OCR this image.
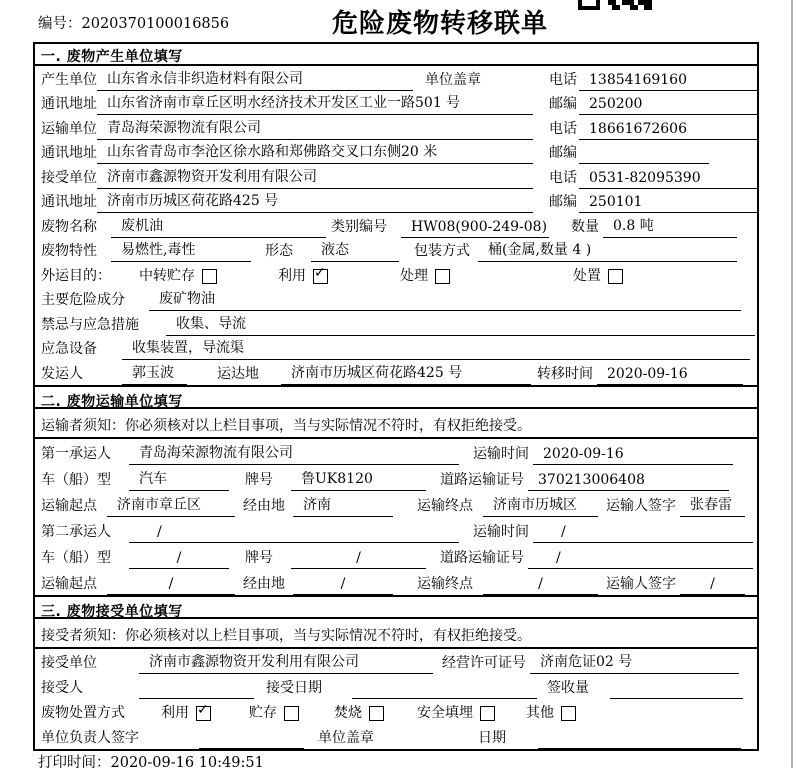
编号：2020370100016856	危险废物转移联单
一. 废物产生单位填写
产生单位 山东省永信非织造材料有限公司	单位盖章	电话 13854169160
通讯地址 山东省济南市章丘区明水经济技术开发区工业一路501 号	邮编 250200
运输单位 青岛海荣源物流有限公司	电话 18661672606
通讯地址 山东省青岛市李沧区徐水路和郑佛路交叉口东侧20 米	邮编
接受单位 济南市鑫源物资开发利用有限公司	电话 0531-82095390
通讯地址 济南市历城区荷花路425 号	邮编 250101
废物名称	废机油	类别编号	HW08(900-249-08) 数量	0.8 吨
废物特性	易燃性,毒性	形态	液态	包装方式	桶(金属,数量 4 )
外运目的：	中转贮存	利用 ✓	处理	处置
主要危险成分	废矿物油
禁忌与应急措施	收集、导流
应急设备	收集装置，导流渠
发运人	郭玉波	运达地	济南市历城区荷花路425 号	转移时间	2020-09-16
二. 废物运输单位填写
运输者须知：你必须核对以上栏目事项，当与实际情况不符时，有权拒绝接受。
第一承运人	青岛海荣源物流有限公司	运输时间	2020-09-16
车（船）型	汽车	牌号	鲁UK8120	道路运输证号	370213006408
运输起点	济南市章丘区	经由地	济南	运输终点	济南市历城区	运输人签字	张春雷
第二承运人	/	运输时间	/
车（船）型	/	牌号	/	道路运输证号	/
运输起点	/	经由地	/	运输终点	/	运输人签字	/
三. 废物接受单位填写
接受者须知：你必须核对以上栏目事项，当与实际情况不符时，有权拒绝接受。
接受单位	济南市鑫源物资开发利用有限公司	经营许可证号	济南危证02 号
接受人	接受日期	签收量
废物处置方式	利用 ✓	贮存	焚烧	安全填埋	其他
单位负责人签字	单位盖章	日期
打印时间：2020-09-16 10:49:51
